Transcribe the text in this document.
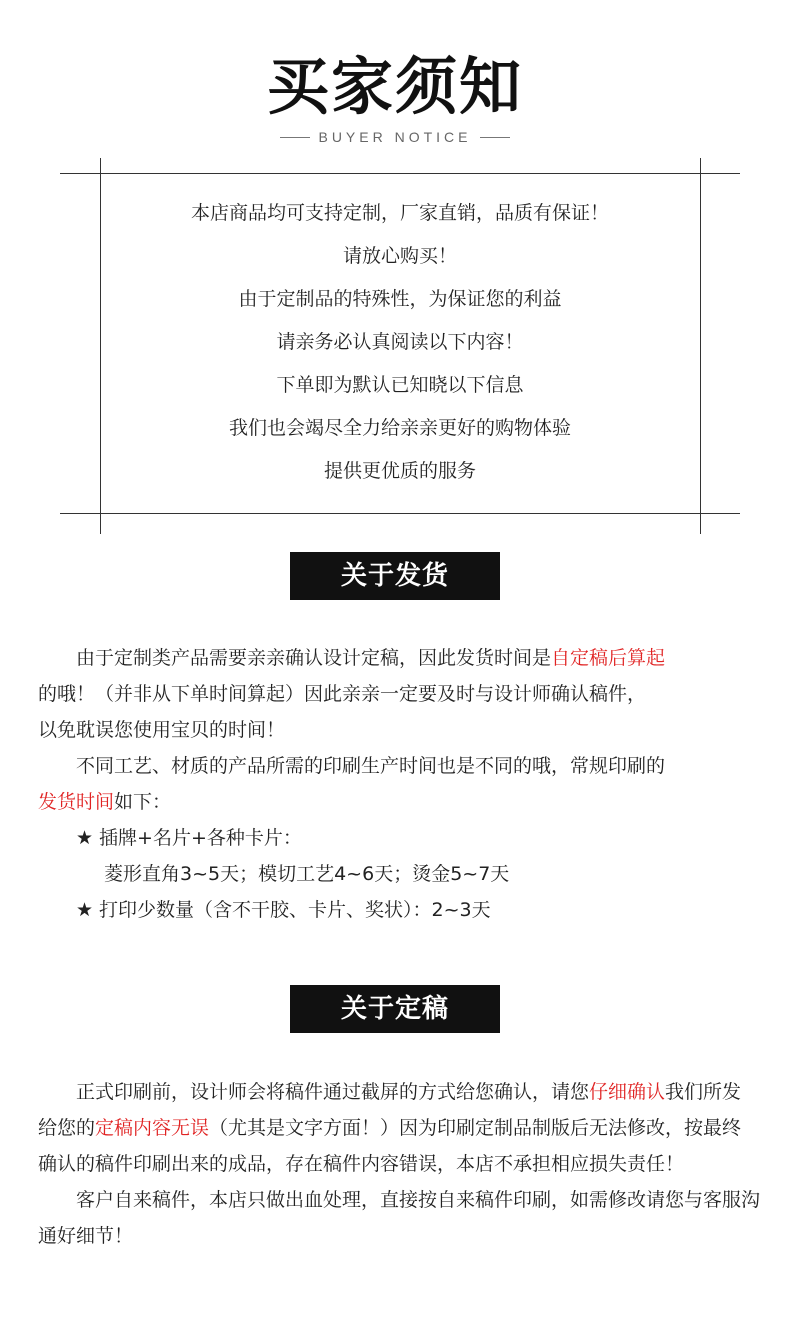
买家须知
BUYER NOTICE
本店商品均可支持定制，厂家直销，品质有保证！
请放心购买！
由于定制品的特殊性，为保证您的利益
请亲务必认真阅读以下内容！
下单即为默认已知晓以下信息
我们也会竭尽全力给亲亲更好的购物体验
提供更优质的服务
关于发货

由于定制类产品需要亲亲确认设计定稿，因此发货时间是自定稿后算起

的哦！（并非从下单时间算起）因此亲亲一定要及时与设计师确认稿件，

以免耽误您使用宝贝的时间！

不同工艺、材质的产品所需的印刷生产时间也是不同的哦，常规印刷的

发货时间如下：

★ 插牌+名片+各种卡片：

菱形直角3~5天；模切工艺4~6天；烫金5~7天

★ 打印少数量（含不干胶、卡片、奖状）：2~3天

关于定稿

正式印刷前，设计师会将稿件通过截屏的方式给您确认，请您仔细确认我们所发给您的定稿内容无误（尤其是文字方面！）因为印刷定制品制版后无法修改，按最终确认的稿件印刷出来的成品，存在稿件内容错误，本店不承担相应损失责任！

客户自来稿件，本店只做出血处理，直接按自来稿件印刷，如需修改请您与客服沟通好细节！
